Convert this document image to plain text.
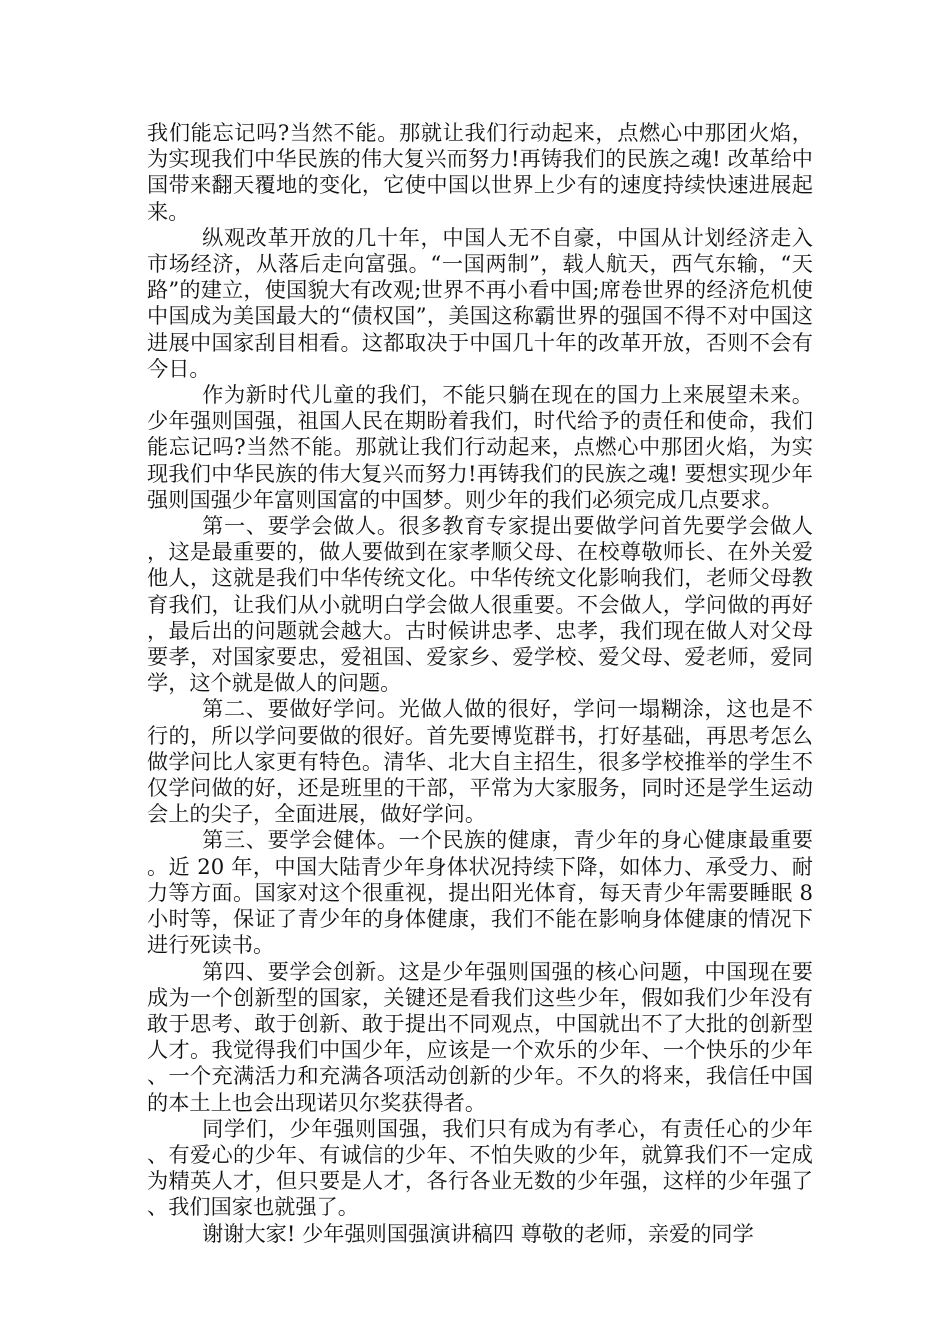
我们能忘记吗?当然不能。那就让我们行动起来，点燃心中那团火焰，为实现我们中华民族的伟大复兴而努力!再铸我们的民族之魂! 改革给中国带来翻天覆地的变化，它使中国以世界上少有的速度持续快速进展起来。

纵观改革开放的几十年，中国人无不自豪，中国从计划经济走入市场经济，从落后走向富强。“一国两制”，载人航天，西气东输，“天路”的建立，使国貌大有改观;世界不再小看中国;席卷世界的经济危机使中国成为美国最大的“债权国”，美国这称霸世界的强国不得不对中国这进展中国家刮目相看。这都取决于中国几十年的改革开放，否则不会有今日。

作为新时代儿童的我们，不能只躺在现在的国力上来展望未来。少年强则国强，祖国人民在期盼着我们，时代给予的责任和使命，我们能忘记吗?当然不能。那就让我们行动起来，点燃心中那团火焰，为实现我们中华民族的伟大复兴而努力!再铸我们的民族之魂! 要想实现少年强则国强少年富则国富的中国梦。则少年的我们必须完成几点要求。

第一、要学会做人。很多教育专家提出要做学问首先要学会做人，这是最重要的，做人要做到在家孝顺父母、在校尊敬师长、在外关爱他人，这就是我们中华传统文化。中华传统文化影响我们，老师父母教育我们，让我们从小就明白学会做人很重要。不会做人，学问做的再好，最后出的问题就会越大。古时候讲忠孝、忠孝，我们现在做人对父母要孝，对国家要忠，爱祖国、爱家乡、爱学校、爱父母、爱老师，爱同学，这个就是做人的问题。

第二、要做好学问。光做人做的很好，学问一塌糊涂，这也是不行的，所以学问要做的很好。首先要博览群书，打好基础，再思考怎么做学问比人家更有特色。清华、北大自主招生，很多学校推举的学生不仅学问做的好，还是班里的干部，平常为大家服务，同时还是学生运动会上的尖子，全面进展，做好学问。

第三、要学会健体。一个民族的健康，青少年的身心健康最重要。近 20 年，中国大陆青少年身体状况持续下降，如体力、承受力、耐力等方面。国家对这个很重视，提出阳光体育，每天青少年需要睡眠 8 小时等，保证了青少年的身体健康，我们不能在影响身体健康的情况下进行死读书。

第四、要学会创新。这是少年强则国强的核心问题，中国现在要成为一个创新型的国家，关键还是看我们这些少年，假如我们少年没有敢于思考、敢于创新、敢于提出不同观点，中国就出不了大批的创新型人才。我觉得我们中国少年，应该是一个欢乐的少年、一个快乐的少年、一个充满活力和充满各项活动创新的少年。不久的将来，我信任中国的本土上也会出现诺贝尔奖获得者。

同学们，少年强则国强，我们只有成为有孝心，有责任心的少年、有爱心的少年、有诚信的少年、不怕失败的少年，就算我们不一定成为精英人才，但只要是人才，各行各业无数的少年强，这样的少年强了、我们国家也就强了。

谢谢大家! 少年强则国强演讲稿四 尊敬的老师，亲爱的同学
